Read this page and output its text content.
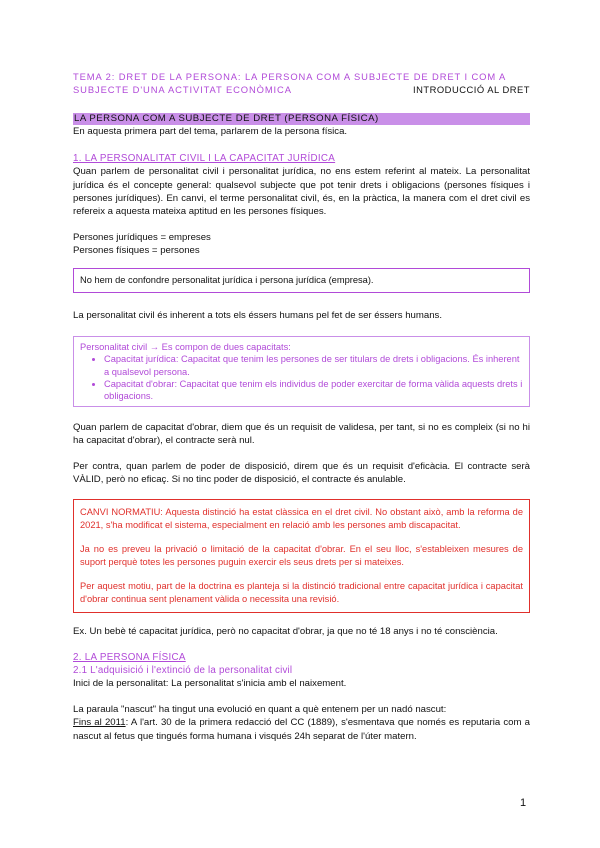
TEMA 2: DRET DE LA PERSONA: LA PERSONA COM A SUBJECTE DE DRET I COM A
SUBJECTE D'UNA ACTIVITAT ECONÒMICA	INTRODUCCIÓ AL DRET
LA PERSONA COM A SUBJECTE DE DRET (PERSONA FÍSICA)

En aquesta primera part del tema, parlarem de la persona física.

1. LA PERSONALITAT CIVIL I LA CAPACITAT JURÍDICA

Quan parlem de personalitat civil i personalitat jurídica, no ens estem referint al mateix. La personalitat jurídica és el concepte general: qualsevol subjecte que pot tenir drets i obligacions (persones físiques i persones jurídiques). En canvi, el terme personalitat civil, és, en la pràctica, la manera com el dret civil es refereix a aquesta mateixa aptitud en les persones físiques.

Persones jurídiques = empreses

Persones físiques = persones

No hem de confondre personalitat jurídica i persona jurídica (empresa).

La personalitat civil és inherent a tots els éssers humans pel fet de ser éssers humans.

Personalitat civil → Es compon de dues capacitats:
• Capacitat jurídica: Capacitat que tenim les persones de ser titulars de drets i obligacions. És inherent a qualsevol persona.
• Capacitat d'obrar: Capacitat que tenim els individus de poder exercitar de forma vàlida aquests drets i obligacions.

Quan parlem de capacitat d'obrar, diem que és un requisit de validesa, per tant, si no es compleix (si no hi ha capacitat d'obrar), el contracte serà nul.

Per contra, quan parlem de poder de disposició, direm que és un requisit d'eficàcia. El contracte serà VÀLID, però no eficaç. Si no tinc poder de disposició, el contracte és anulable.

CANVI NORMATIU: Aquesta distinció ha estat clàssica en el dret civil. No obstant això, amb la reforma de 2021, s'ha modificat el sistema, especialment en relació amb les persones amb discapacitat.

Ja no es preveu la privació o limitació de la capacitat d'obrar. En el seu lloc, s'estableixen mesures de suport perquè totes les persones puguin exercir els seus drets per si mateixes.

Per aquest motiu, part de la doctrina es planteja si la distinció tradicional entre capacitat jurídica i capacitat d'obrar continua sent plenament vàlida o necessita una revisió.

Ex. Un bebè té capacitat jurídica, però no capacitat d'obrar, ja que no té 18 anys i no té consciència.

2. LA PERSONA FÍSICA
2.1 L'adquisició i l'extinció de la personalitat civil

Inici de la personalitat: La personalitat s'inicia amb el naixement.

La paraula "nascut" ha tingut una evolució en quant a què entenem per un nadó nascut:

Fins al 2011: A l'art. 30 de la primera redacció del CC (1889), s'esmentava que només es reputaria com a nascut al fetus que tingués forma humana i visqués 24h separat de l'úter matern.

1
